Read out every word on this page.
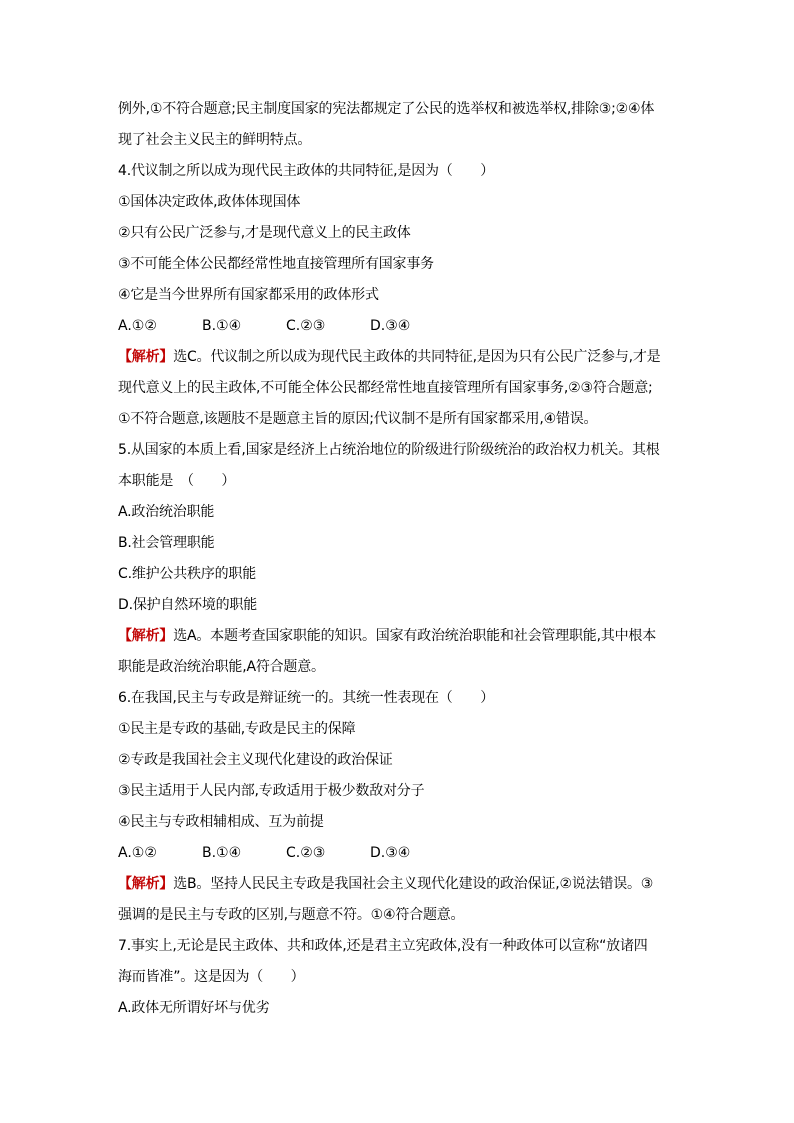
例外,①不符合题意;民主制度国家的宪法都规定了公民的选举权和被选举权,排除③;②④体
现了社会主义民主的鲜明特点。
4.代议制之所以成为现代民主政体的共同特征,是因为（　　）
①国体决定政体,政体体现国体
②只有公民广泛参与,才是现代意义上的民主政体
③不可能全体公民都经常性地直接管理所有国家事务
④它是当今世界所有国家都采用的政体形式
A.①②	B.①④	C.②③	D.③④
【解析】选C。代议制之所以成为现代民主政体的共同特征,是因为只有公民广泛参与,才是
现代意义上的民主政体,不可能全体公民都经常性地直接管理所有国家事务,②③符合题意;
①不符合题意,该题肢不是题意主旨的原因;代议制不是所有国家都采用,④错误。
5.从国家的本质上看,国家是经济上占统治地位的阶级进行阶级统治的政治权力机关。其根
本职能是　（　　）
A.政治统治职能
B.社会管理职能
C.维护公共秩序的职能
D.保护自然环境的职能
【解析】选A。本题考查国家职能的知识。国家有政治统治职能和社会管理职能,其中根本
职能是政治统治职能,A符合题意。
6.在我国,民主与专政是辩证统一的。其统一性表现在（　　）
①民主是专政的基础,专政是民主的保障
②专政是我国社会主义现代化建设的政治保证
③民主适用于人民内部,专政适用于极少数敌对分子
④民主与专政相辅相成、互为前提
A.①②	B.①④	C.②③	D.③④
【解析】选B。坚持人民民主专政是我国社会主义现代化建设的政治保证,②说法错误。③
强调的是民主与专政的区别,与题意不符。①④符合题意。
7.事实上,无论是民主政体、共和政体,还是君主立宪政体,没有一种政体可以宣称“放诸四
海而皆准”。这是因为（　　）
A.政体无所谓好坏与优劣
